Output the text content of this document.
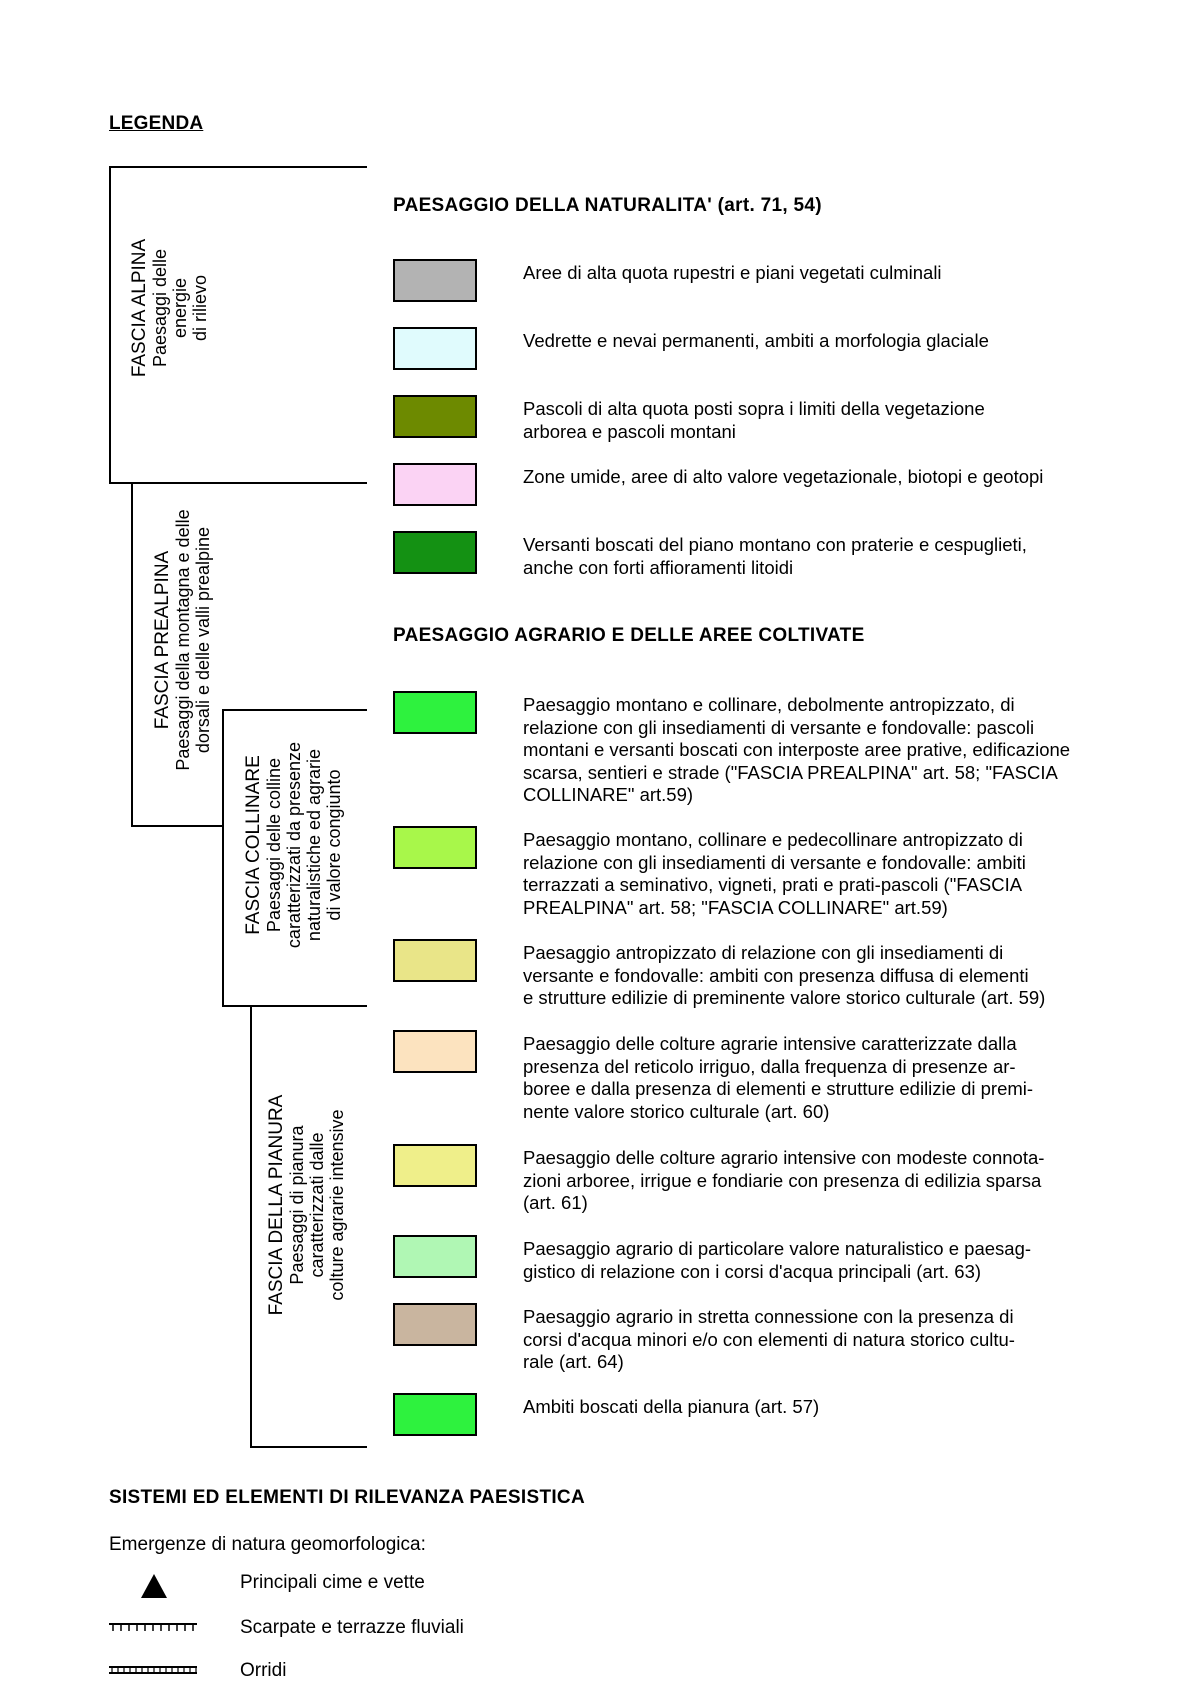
LEGENDA
FASCIA ALPINA Paesaggi delle energie
di rilievo
FASCIA PREALPINA
Paesaggi della montagna e delle
dorsali e delle valli prealpine
FASCIA COLLINARE Paesaggi delle colline
caratterizzati da presenze
naturalistiche ed agrarie
di valore congiunto
FASCIA DELLA PIANURA Paesaggi di pianura
caratterizzati dalle
colture agrarie intensive
PAESAGGIO DELLA NATURALITA' (art. 71, 54)
PAESAGGIO AGRARIO E DELLE AREE COLTIVATE
Aree di alta quota rupestri e piani vegetati culminali
Vedrette e nevai permanenti, ambiti a morfologia glaciale
Pascoli di alta quota posti sopra i limiti della vegetazione
arborea e pascoli montani
Zone umide, aree di alto valore vegetazionale, biotopi e geotopi
Versanti boscati del piano montano con praterie e cespuglieti,
anche con forti affioramenti litoidi
Paesaggio montano e collinare, debolmente antropizzato, di
relazione con gli insediamenti di versante e fondovalle: pascoli
montani e versanti boscati con interposte aree prative, edificazione
scarsa, sentieri e strade ("FASCIA PREALPINA" art. 58; "FASCIA
COLLINARE" art.59)
Paesaggio montano, collinare e pedecollinare antropizzato di
relazione con gli insediamenti di versante e fondovalle: ambiti
terrazzati a seminativo, vigneti, prati e prati-pascoli ("FASCIA
PREALPINA" art. 58; "FASCIA COLLINARE" art.59)
Paesaggio antropizzato di relazione con gli insediamenti di
versante e fondovalle: ambiti con presenza diffusa di elementi
e strutture edilizie di preminente valore storico culturale (art. 59)
Paesaggio delle colture agrarie intensive caratterizzate dalla
presenza del reticolo irriguo, dalla frequenza di presenze ar-
boree e dalla presenza di elementi e strutture edilizie di premi-
nente valore storico culturale (art. 60)
Paesaggio delle colture agrario intensive con modeste connota-
zioni arboree, irrigue e fondiarie con presenza di edilizia sparsa
(art. 61)
Paesaggio agrario di particolare valore naturalistico e paesag-
gistico di relazione con i corsi d'acqua principali (art. 63)
Paesaggio agrario in stretta connessione con la presenza di
corsi d'acqua minori e/o con elementi di natura storico cultu-
rale (art. 64)
Ambiti boscati della pianura (art. 57)
SISTEMI ED ELEMENTI DI RILEVANZA PAESISTICA
Emergenze di natura geomorfologica:
Principali cime e vette
Scarpate e terrazze fluviali
Orridi
